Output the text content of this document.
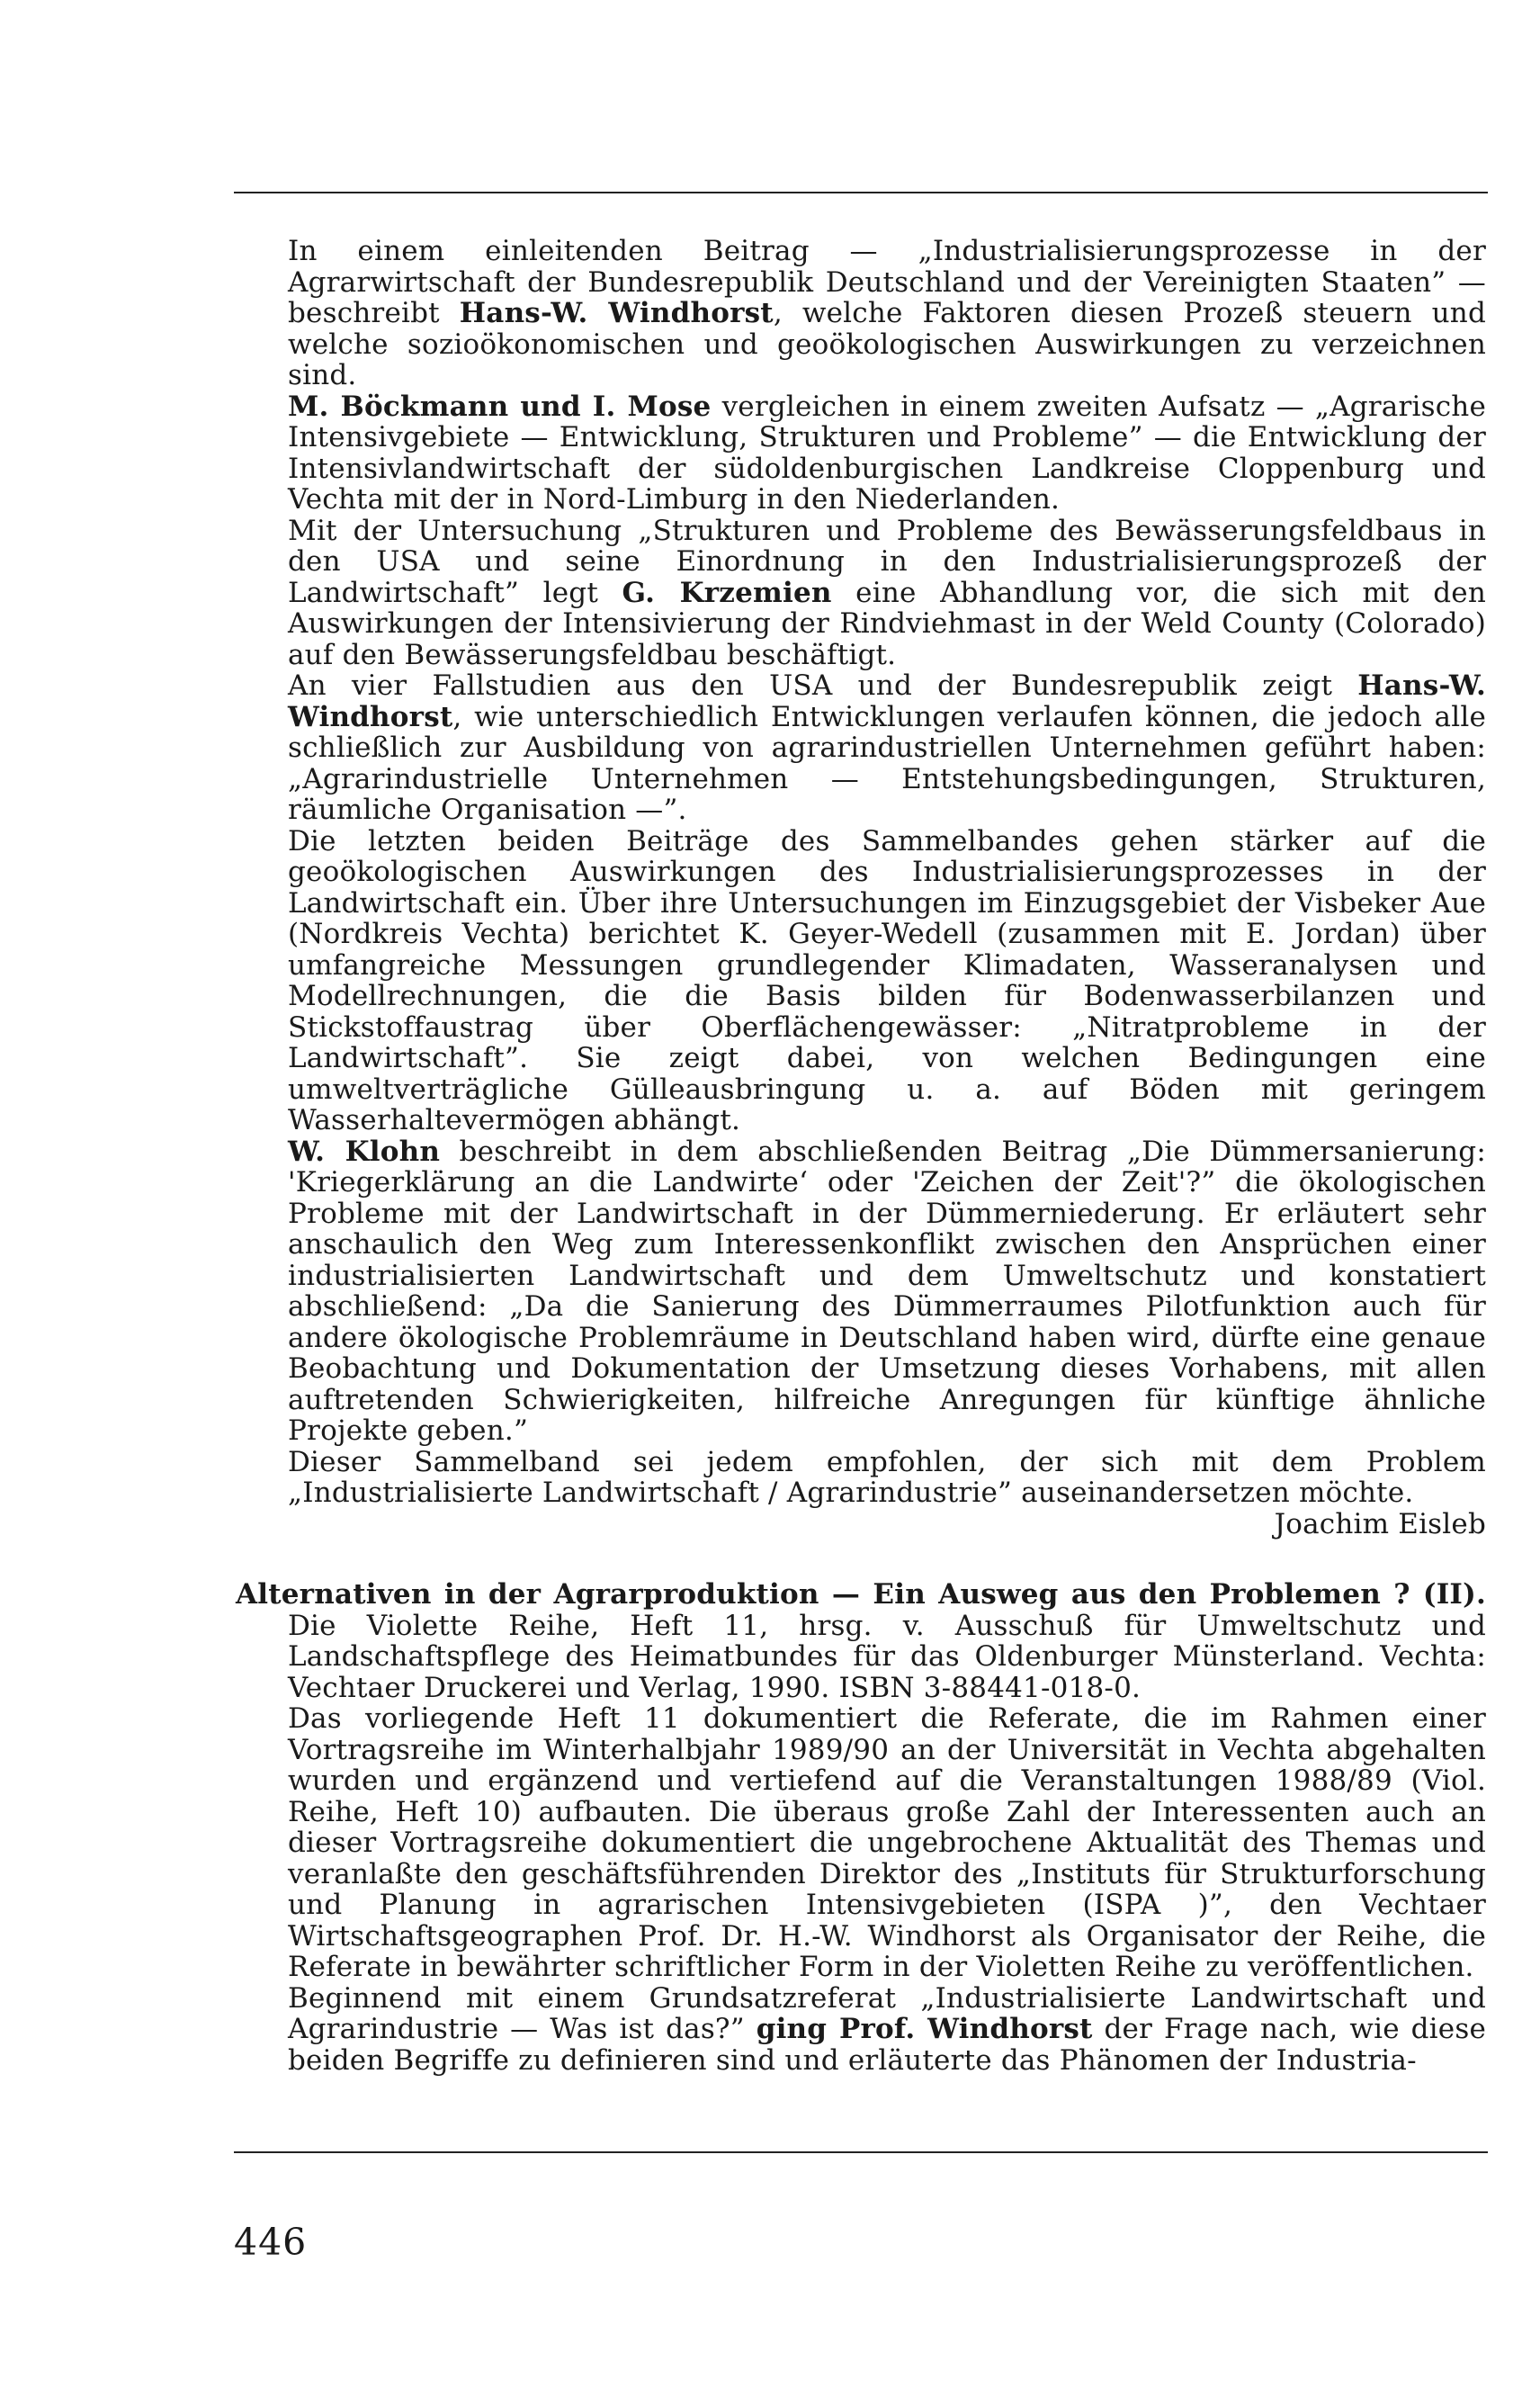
In einem einleitenden Beitrag — „Industrialisierungsprozesse in der Agrarwirtschaft der Bundesrepublik Deutschland und der Vereinigten Staaten” — beschreibt Hans-W. Windhorst, welche Faktoren diesen Prozeß steuern und welche sozioökonomischen und geoökologischen Auswirkungen zu verzeichnen sind.

M. Böckmann und I. Mose vergleichen in einem zweiten Aufsatz — „Agrarische Intensivgebiete — Entwicklung, Strukturen und Probleme” — die Entwicklung der Intensivlandwirtschaft der südoldenburgischen Landkreise Cloppenburg und Vechta mit der in Nord-Limburg in den Niederlanden.

Mit der Untersuchung „Strukturen und Probleme des Bewässerungsfeldbaus in den USA und seine Einordnung in den Industrialisierungsprozeß der Landwirtschaft” legt G. Krzemien eine Abhandlung vor, die sich mit den Auswirkungen der Intensivierung der Rindviehmast in der Weld County (Colorado) auf den Bewässerungsfeldbau beschäftigt.

An vier Fallstudien aus den USA und der Bundesrepublik zeigt Hans-W. Windhorst, wie unterschiedlich Entwicklungen verlaufen können, die jedoch alle schließlich zur Ausbildung von agrarindustriellen Unternehmen geführt haben: „Agrarindustrielle Unternehmen — Entstehungsbedingungen, Strukturen, räumliche Organisation —”.

Die letzten beiden Beiträge des Sammelbandes gehen stärker auf die geoökologischen Auswirkungen des Industrialisierungsprozesses in der Landwirtschaft ein. Über ihre Untersuchungen im Einzugsgebiet der Visbeker Aue (Nordkreis Vechta) berichtet K. Geyer-Wedell (zusammen mit E. Jordan) über umfangreiche Messungen grundlegender Klimadaten, Wasseranalysen und Modellrechnungen, die die Basis bilden für Bodenwasserbilanzen und Stickstoffaustrag über Oberflächengewässer: „Nitratprobleme in der Landwirtschaft”. Sie zeigt dabei, von welchen Bedingungen eine umweltverträgliche Gülleausbringung u. a. auf Böden mit geringem Wasserhaltevermögen abhängt.

W. Klohn beschreibt in dem abschließenden Beitrag „Die Dümmersanierung: 'Kriegerklärung an die Landwirte‘ oder 'Zeichen der Zeit'?” die ökologischen Probleme mit der Landwirtschaft in der Dümmerniederung. Er erläutert sehr anschaulich den Weg zum Interessenkonflikt zwischen den Ansprüchen einer industrialisierten Landwirtschaft und dem Umweltschutz und konstatiert abschließend: „Da die Sanierung des Dümmerraumes Pilotfunktion auch für andere ökologische Problemräume in Deutschland haben wird, dürfte eine genaue Beobachtung und Dokumentation der Umsetzung dieses Vorhabens, mit allen auftretenden Schwierigkeiten, hilfreiche Anregungen für künftige ähnliche Projekte geben.”

Dieser Sammelband sei jedem empfohlen, der sich mit dem Problem „Industrialisierte Landwirtschaft / Agrarindustrie” auseinandersetzen möchte.

Joachim Eisleb

Alternativen in der Agrarproduktion — Ein Ausweg aus den Problemen ? (II). Die Violette Reihe, Heft 11, hrsg. v. Ausschuß für Umweltschutz und Landschaftspflege des Heimatbundes für das Oldenburger Münsterland. Vechta: Vechtaer Druckerei und Verlag, 1990. ISBN 3-88441-018-0.

Das vorliegende Heft 11 dokumentiert die Referate, die im Rahmen einer Vortragsreihe im Winterhalbjahr 1989/90 an der Universität in Vechta abgehalten wurden und ergänzend und vertiefend auf die Veranstaltungen 1988/89 (Viol. Reihe, Heft 10) aufbauten. Die überaus große Zahl der Interessenten auch an dieser Vortragsreihe dokumentiert die ungebrochene Aktualität des Themas und veranlaßte den geschäftsführenden Direktor des „Instituts für Strukturforschung und Planung in agrarischen Intensivgebieten (ISPA )”, den Vechtaer Wirtschaftsgeographen Prof. Dr. H.-W. Windhorst als Organisator der Reihe, die Referate in bewährter schriftlicher Form in der Violetten Reihe zu veröffentlichen.

Beginnend mit einem Grundsatzreferat „Industrialisierte Landwirtschaft und Agrarindustrie — Was ist das?” ging Prof. Windhorst der Frage nach, wie diese beiden Begriffe zu definieren sind und erläuterte das Phänomen der Industria-

446
